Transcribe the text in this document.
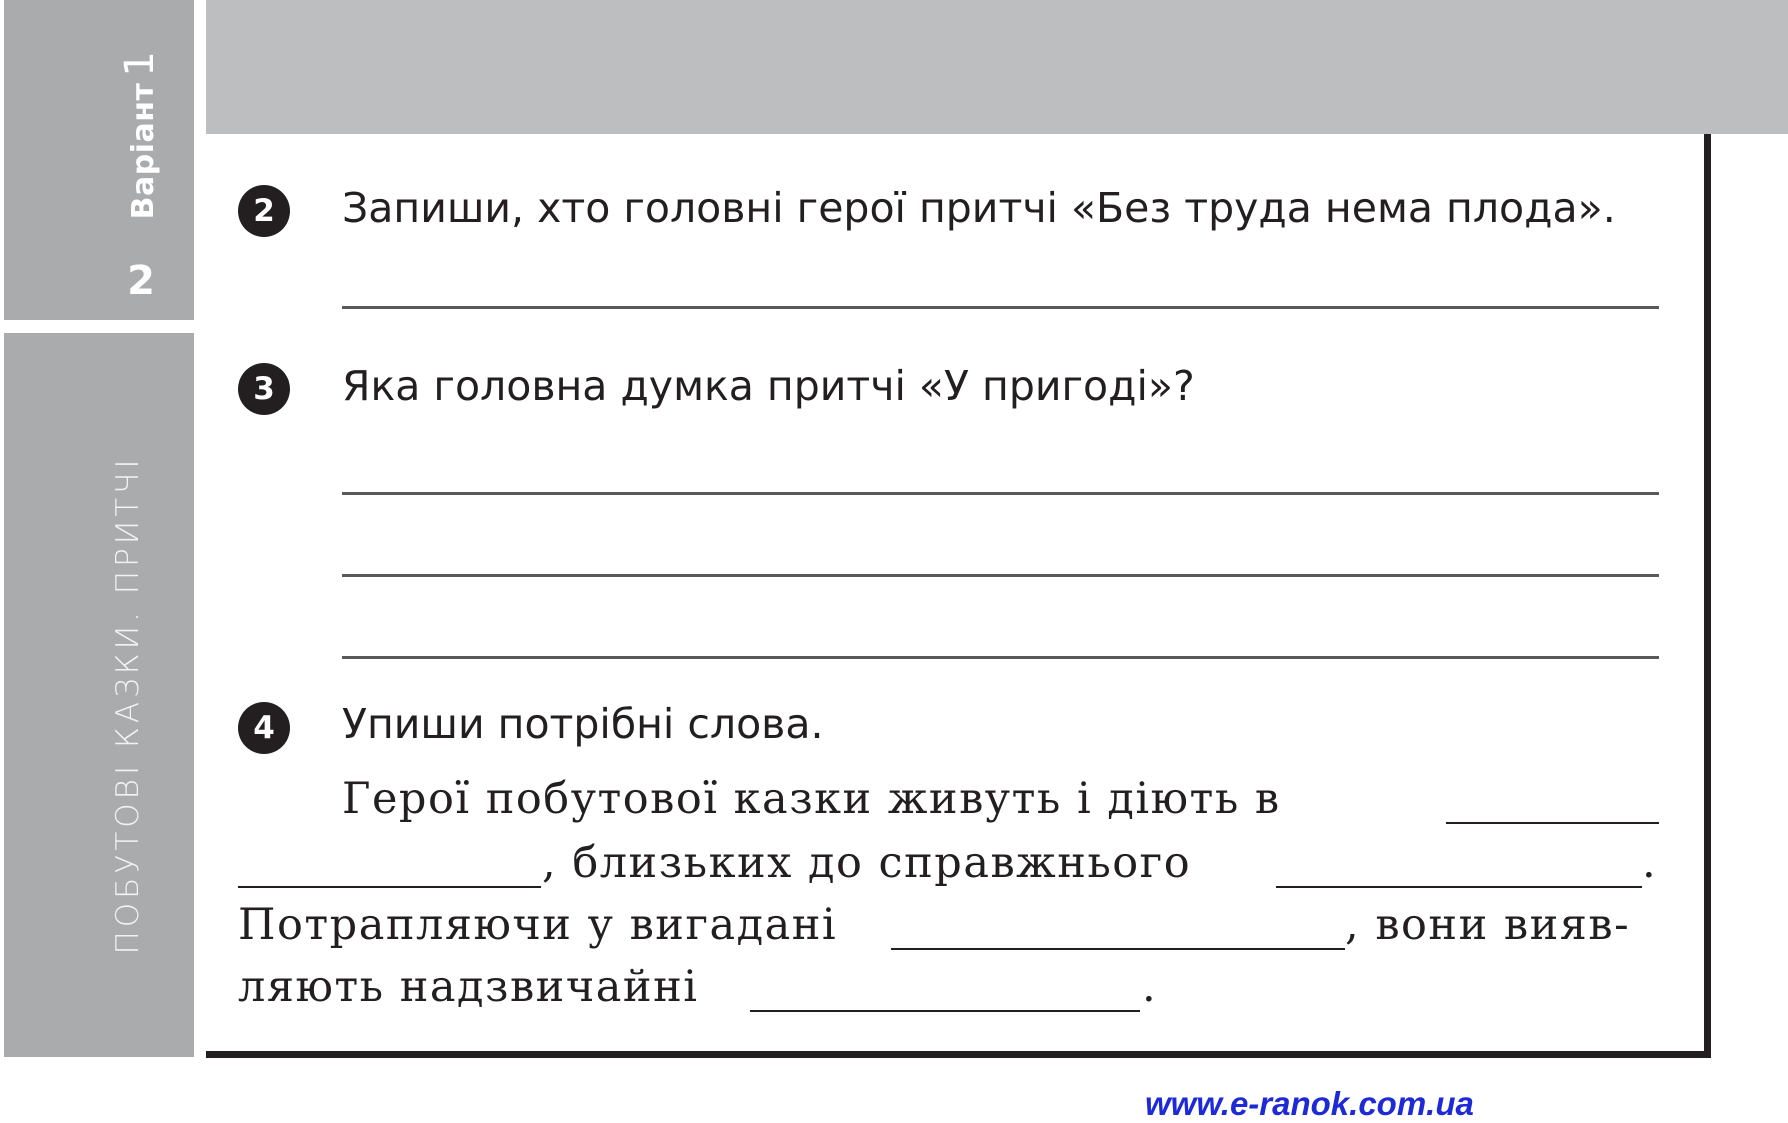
Варіант1
2
ПОБУТОВІ КАЗКИ. ПРИТЧІ
2	Запиши, хто головні герої притчі «Без труда нема плода».
3	Яка головна думка притчі «У пригоді»?
4	Упиши потрібні слова.
Герої побутової казки живуть і діють в
, близьких до справжнього	.
Потрапляючи у вигадані	, вони вияв-
ляють надзвичайні	.
www.e-ranok.com.ua
